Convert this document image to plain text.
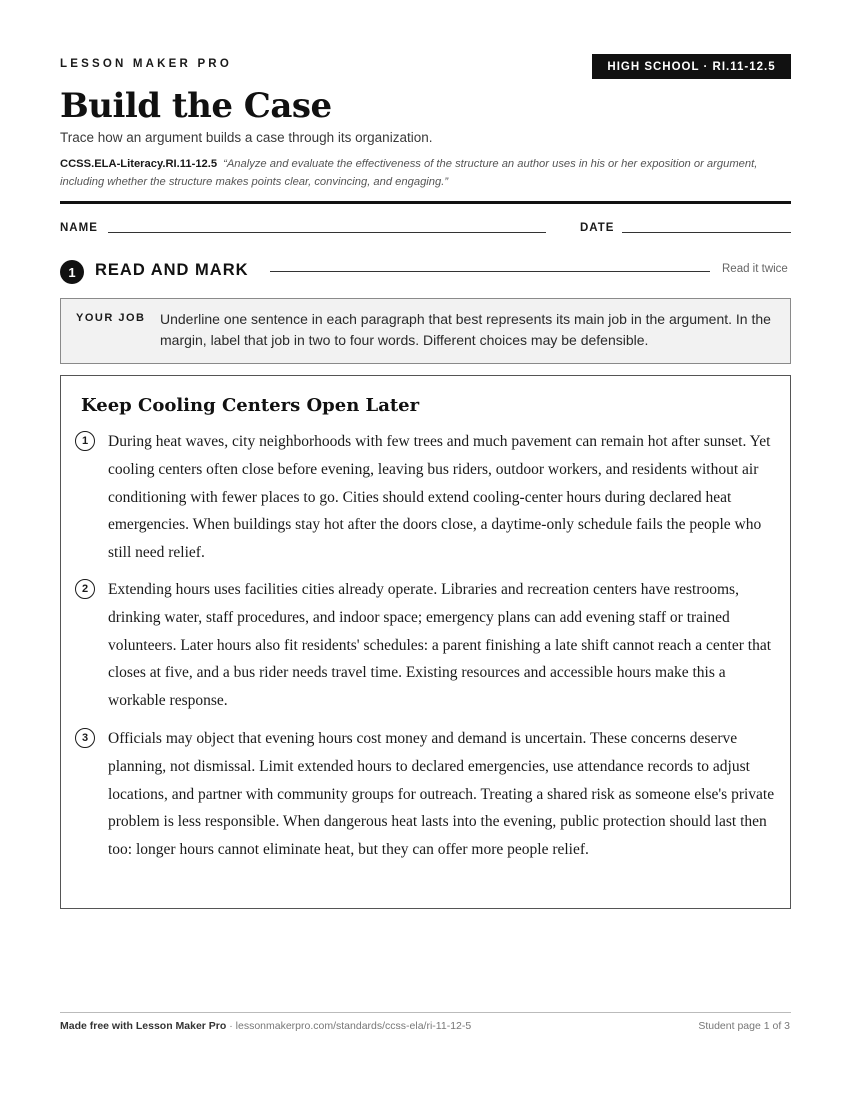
LESSON MAKER PRO	HIGH SCHOOL · RI.11-12.5
Build the Case
Trace how an argument builds a case through its organization.
CCSS.ELA-Literacy.RI.11-12.5 “Analyze and evaluate the effectiveness of the structure an author uses in his or her exposition or argument, including whether the structure makes points clear, convincing, and engaging.”
NAME	DATE
1	READ AND MARK	Read it twice
YOUR JOB Underline one sentence in each paragraph that best represents its main job in the argument. In the margin, label that job in two to four words. Different choices may be defensible.
Keep Cooling Centers Open Later
1	During heat waves, city neighborhoods with few trees and much pavement can remain hot after sunset. Yet cooling centers often close before evening, leaving bus riders, outdoor workers, and residents without air conditioning with fewer places to go. Cities should extend cooling-center hours during declared heat emergencies. When buildings stay hot after the doors close, a daytime-only schedule fails the people who still need relief.

2	Extending hours uses facilities cities already operate. Libraries and recreation centers have restrooms, drinking water, staff procedures, and indoor space; emergency plans can add evening staff or trained volunteers. Later hours also fit residents' schedules: a parent finishing a late shift cannot reach a center that closes at five, and a bus rider needs travel time. Existing resources and accessible hours make this a workable response.

3	Officials may object that evening hours cost money and demand is uncertain. These concerns deserve planning, not dismissal. Limit extended hours to declared emergencies, use attendance records to adjust locations, and partner with community groups for outreach. Treating a shared risk as someone else's private problem is less responsible. When dangerous heat lasts into the evening, public protection should last then too: longer hours cannot eliminate heat, but they can offer more people relief.

Made free with Lesson Maker Pro · lessonmakerpro.com/standards/ccss-ela/ri-11-12-5	Student page 1 of 3
